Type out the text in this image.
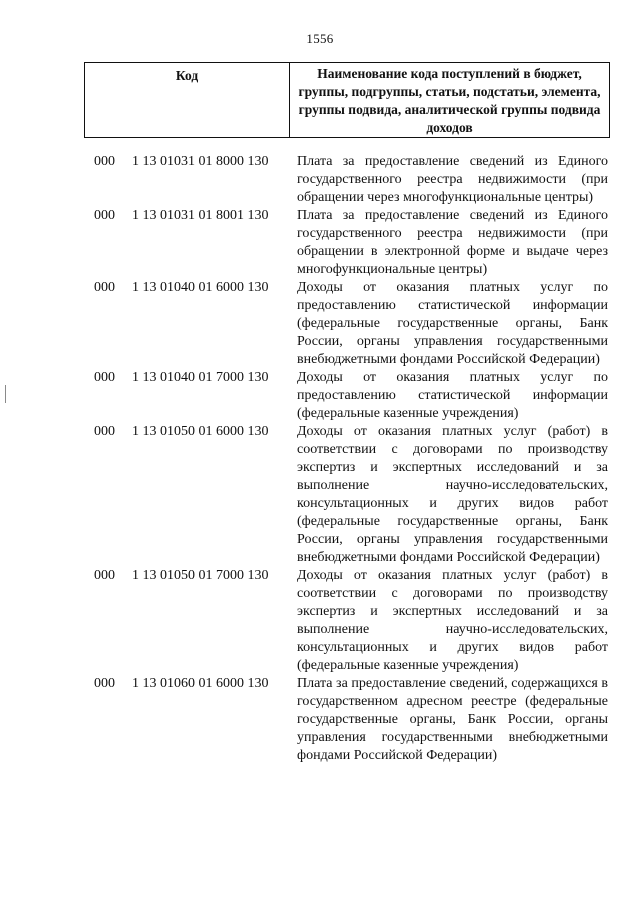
1556
Код	Наименование кода поступлений в бюджет, группы, подгруппы, статьи, подстатьи, элемента, группы подвида, аналитической группы подвида доходов
000	1 13 01031 01 8000 130	Плата за предоставление сведений из Единого государственного реестра недвижимости (при обращении через многофункциональные центры)
000	1 13 01031 01 8001 130	Плата за предоставление сведений из Единого государственного реестра недвижимости (при обращении в электронной форме и выдаче через многофункциональные центры)
000	1 13 01040 01 6000 130	Доходы от оказания платных услуг по предоставлению статистической информации (федеральные государственные органы, Банк России, органы управления государственными внебюджетными фондами Российской Федерации)
000	1 13 01040 01 7000 130	Доходы от оказания платных услуг по предоставлению статистической информации (федеральные казенные учреждения)
000	1 13 01050 01 6000 130	Доходы от оказания платных услуг (работ) в соответствии с договорами по производству экспертиз и экспертных исследований и за выполнение научно-исследовательских, консультационных и других видов работ (федеральные государственные органы, Банк России, органы управления государственными внебюджетными фондами Российской Федерации)
000	1 13 01050 01 7000 130	Доходы от оказания платных услуг (работ) в соответствии с договорами по производству экспертиз и экспертных исследований и за выполнение научно-исследовательских, консультационных и других видов работ (федеральные казенные учреждения)
000	1 13 01060 01 6000 130	Плата за предоставление сведений, содержащихся в государственном адресном реестре (федеральные государственные органы, Банк России, органы управления государственными внебюджетными фондами Российской Федерации)
